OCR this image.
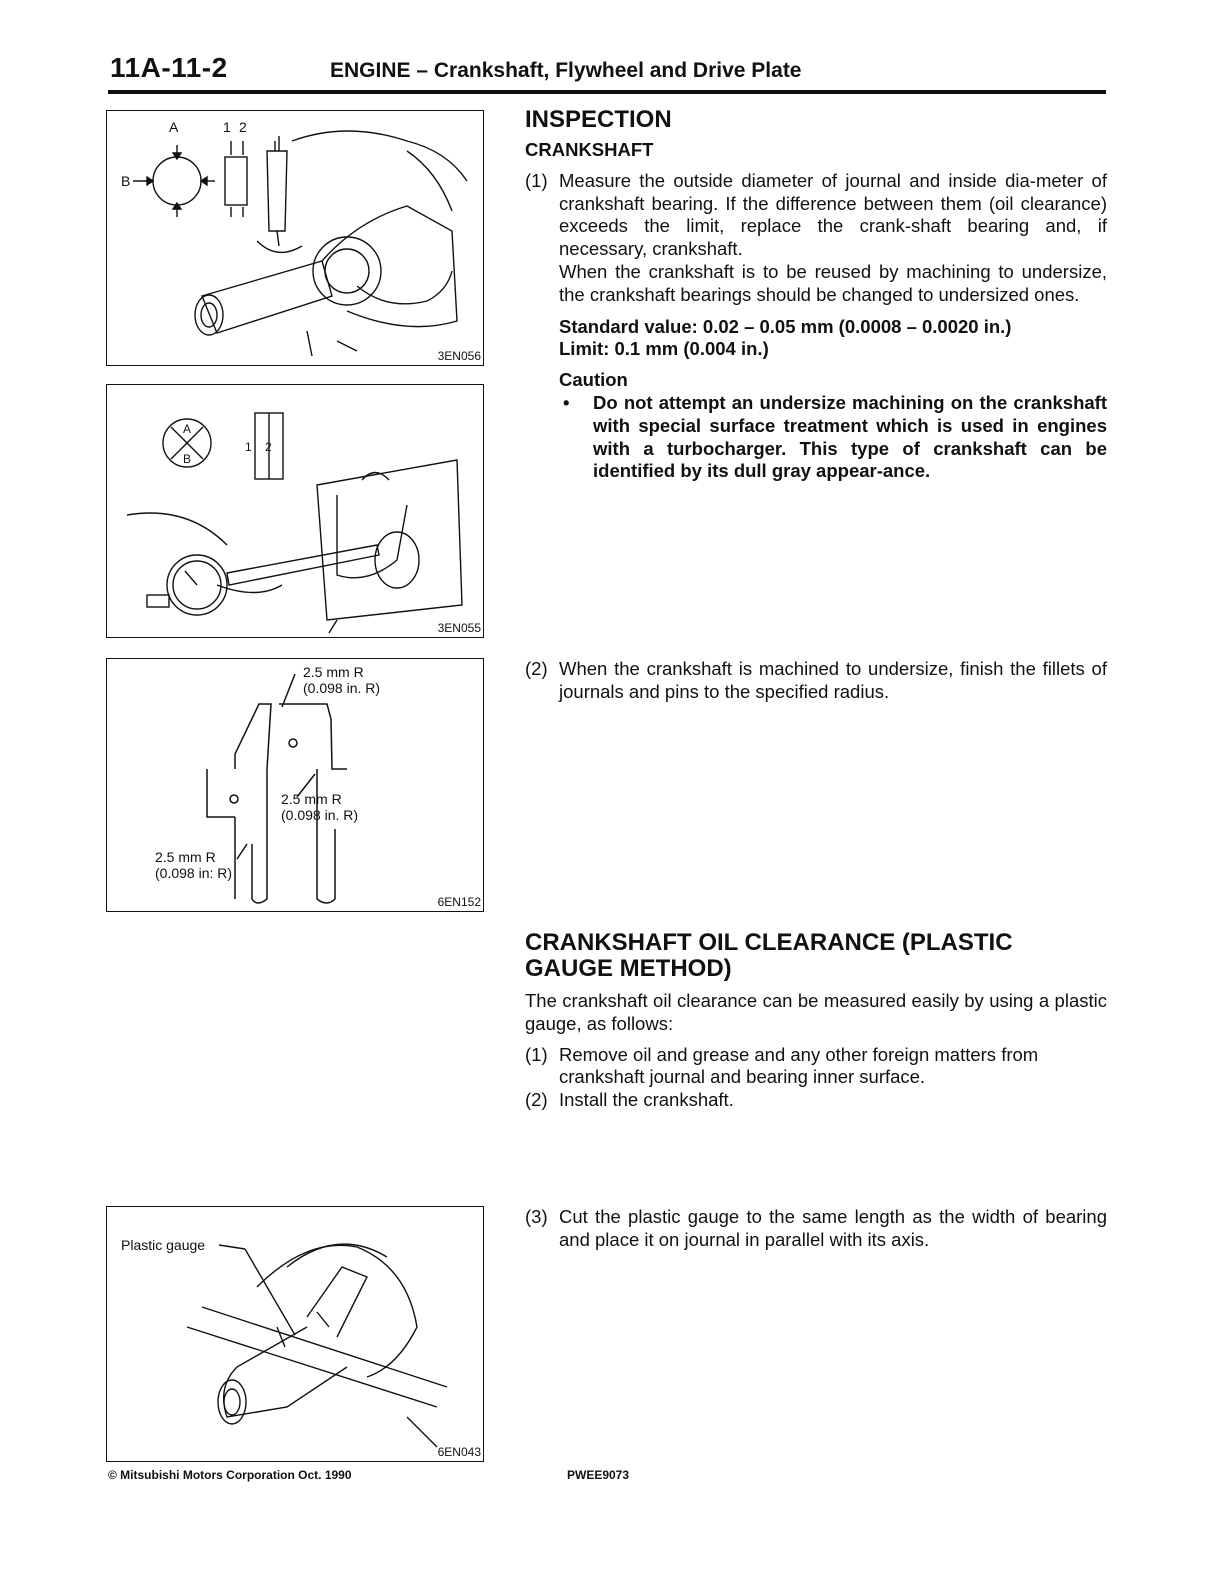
11A-11-2	ENGINE – Crankshaft, Flywheel and Drive Plate
A
B
1 2
3EN056
A
B
1 2
3EN055
2.5 mm R
(0.098 in. R)
2.5 mm R
(0.098 in. R)
2.5 mm R
(0.098 in: R)
6EN152
Plastic gauge
6EN043
INSPECTION
CRANKSHAFT
(1) Measure the outside diameter of journal and inside dia-meter of crankshaft bearing. If the difference between them (oil clearance) exceeds the limit, replace the crank-shaft bearing and, if necessary, crankshaft.
When the crankshaft is to be reused by machining to undersize, the crankshaft bearings should be changed to undersized ones.
Standard value: 0.02 – 0.05 mm (0.0008 – 0.0020 in.)
Limit: 0.1 mm (0.004 in.)
Caution
• Do not attempt an undersize machining on the crankshaft with special surface treatment which is used in engines with a turbocharger. This type of crankshaft can be identified by its dull gray appear-ance.
(2) When the crankshaft is machined to undersize, finish the fillets of journals and pins to the specified radius.
CRANKSHAFT OIL CLEARANCE (PLASTIC GAUGE METHOD)
The crankshaft oil clearance can be measured easily by using a plastic gauge, as follows:
(1) Remove oil and grease and any other foreign matters from crankshaft journal and bearing inner surface.
(2) Install the crankshaft.
(3) Cut the plastic gauge to the same length as the width of bearing and place it on journal in parallel with its axis.
© Mitsubishi Motors Corporation Oct. 1990	PWEE9073
